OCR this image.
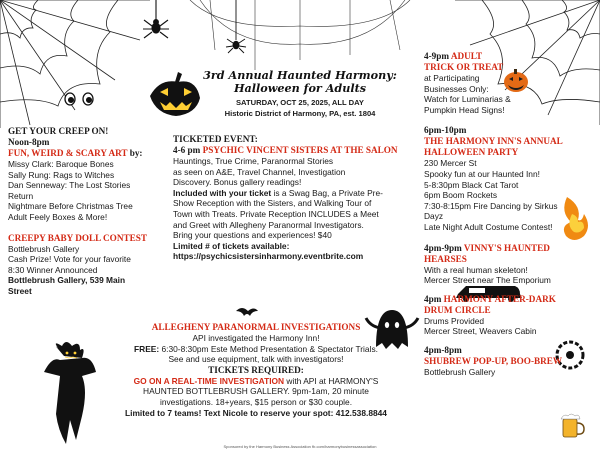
3rd Annual Haunted Harmony:
Halloween for Adults
SATURDAY, OCT 25, 2025, ALL DAY
Historic District of Harmony, PA, est. 1804
GET YOUR CREEP ON!
Noon-8pm
FUN, WEIRD & SCARY ART by:
Missy Clark: Baroque Bones
Sally Rung: Rags to Witches
Dan Senneway: The Lost Stories
Return
Nightmare Before Christmas Tree
Adult Feely Boxes & More!
CREEPY BABY DOLL CONTEST
Bottlebrush Gallery
Cash Prize! Vote for your favorite
8:30 Winner Announced
Bottlebrush Gallery, 539 Main
Street
TICKETED EVENT:
4-6 pm PSYCHIC VINCENT SISTERS AT THE SALON
Hauntings, True Crime, Paranormal Stories
as seen on A&E, Travel Channel, Investigation
Discovery. Bonus gallery readings!
Included with your ticket is a Swag Bag, a Private Pre-
Show Reception with the Sisters, and Walking Tour of
Town with Treats. Private Reception INCLUDES a Meet
and Greet with Allegheny Paranormal Investigators.
Bring your questions and experiences! $40
Limited # of tickets available:
https://psychicsistersinharmony.eventbrite.com
ALLEGHENY PARANORMAL INVESTIGATIONS
API investigated the Harmony Inn!
FREE: 6:30-8:30pm Este Method Presentation & Spectator Trials.
See and use equipment, talk with investigators!
TICKETS REQUIRED:
GO ON A REAL-TIME INVESTIGATION with API at HARMONY'S
HAUNTED BOTTLEBRUSH GALLERY. 9pm-1am, 20 minute
investigations. 18+years, $15 person or $30 couple.
Limited to 7 teams! Text Nicole to reserve your spot: 412.538.8844
Sponsored by the Harmony Business Association fb.com/harmonybusinessassociation
4-9pm ADULT
TRICK OR TREAT
at Participating
Businesses Only:
Watch for Luminarias &
Pumpkin Head Signs!
6pm-10pm
THE HARMONY INN'S ANNUAL
HALLOWEEN PARTY
230 Mercer St
Spooky fun at our Haunted Inn!
5-8:30pm Black Cat Tarot
6pm Boom Rockets
7:30-8:15pm Fire Dancing by Sirkus
Dayz
Late Night Adult Costume Contest!
4pm-9pm VINNY'S HAUNTED
HEARSES
With a real human skeleton!
Mercer Street near The Emporium
4pm HARMONY AFTER-DARK
DRUM CIRCLE
Drums Provided
Mercer Street, Weavers Cabin
4pm-8pm
SHUBREW POP-UP, BOO-BREW
Bottlebrush Gallery
